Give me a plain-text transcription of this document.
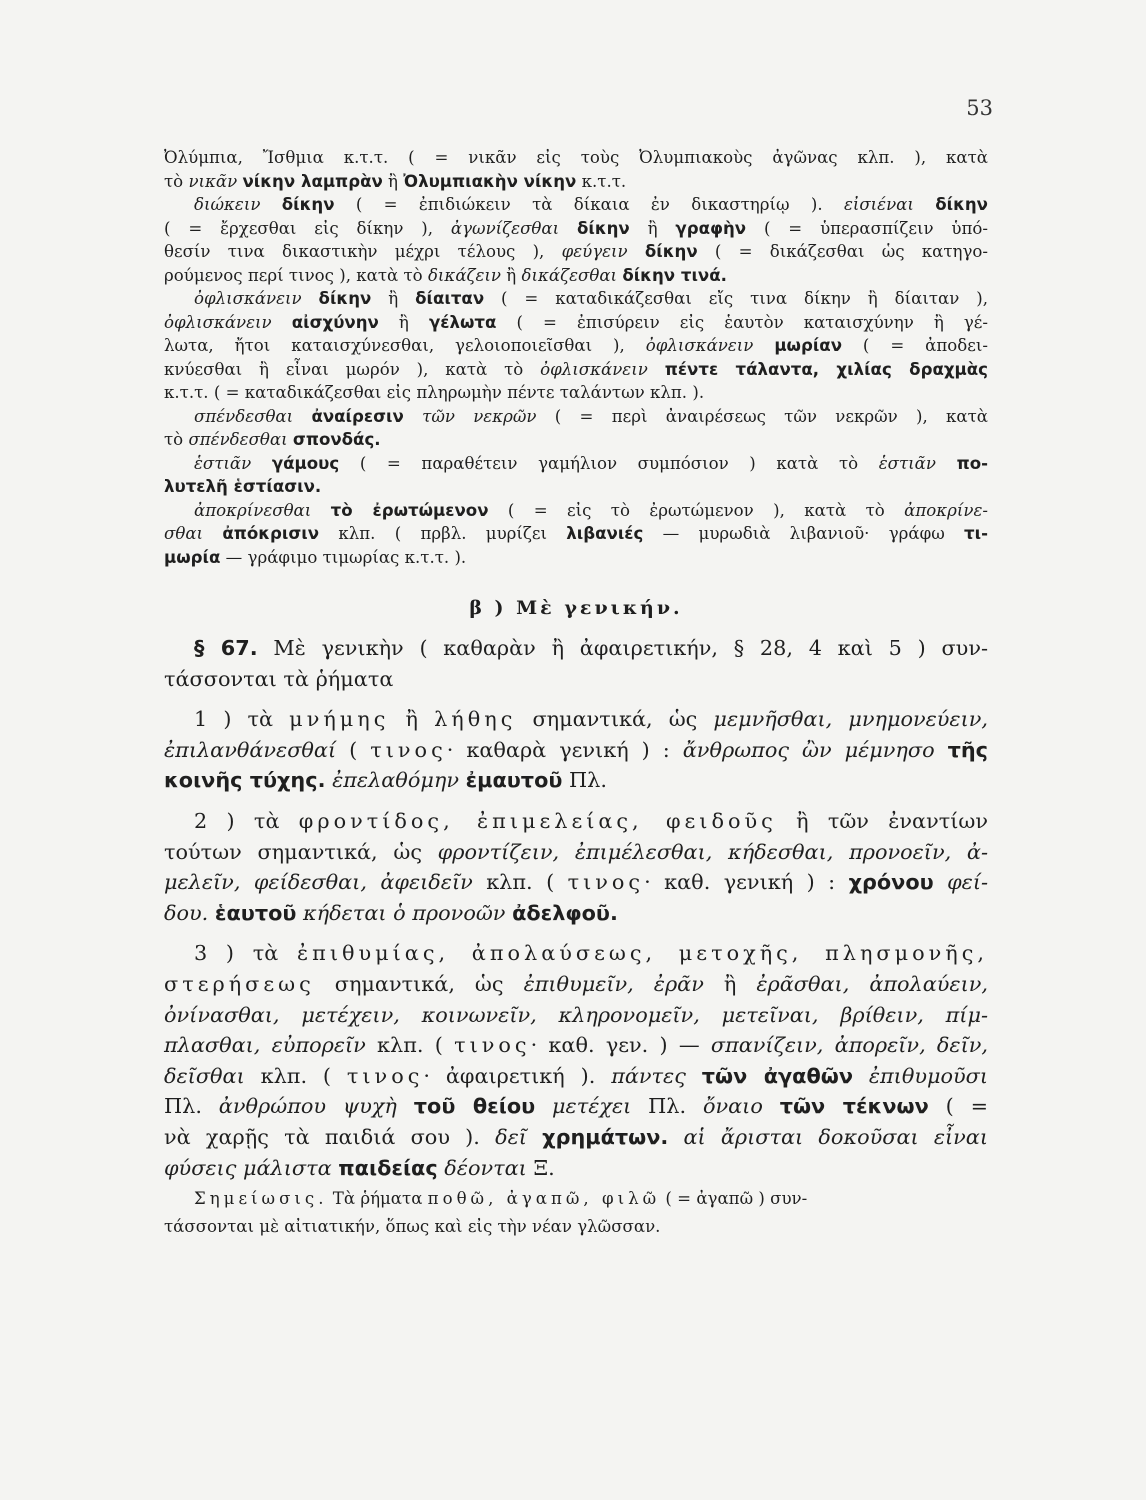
53

Ὀλύμπια, Ἴσθμια κ.τ.τ. ( = νικᾶν εἰς τοὺς Ὀλυμπιακοὺς ἀγῶνας κλπ. ), κατὰ

τὸ νικᾶν νίκην λαμπρὰν ἢ Ὀλυμπιακὴν νίκην κ.τ.τ.

διώκειν δίκην ( = ἐπιδιώκειν τὰ δίκαια ἐν δικαστηρίῳ ). εἰσιέναι δίκην

( = ἔρχεσθαι εἰς δίκην ), ἀγωνίζεσθαι δίκην ἢ γραφὴν ( = ὑπερασπίζειν ὑπό-

θεσίν τινα δικαστικὴν μέχρι τέλους ), φεύγειν δίκην ( = δικάζεσθαι ὡς κατηγο-

ρούμενος περί τινος ), κατὰ τὸ δικάζειν ἢ δικάζεσθαι δίκην τινά.

ὀφλισκάνειν δίκην ἢ δίαιταν ( = καταδικάζεσθαι εἴς τινα δίκην ἢ δίαιταν ),

ὀφλισκάνειν αἰσχύνην ἢ γέλωτα ( = ἐπισύρειν εἰς ἑαυτὸν καταισχύνην ἢ γέ-

λωτα, ἤτοι καταισχύνεσθαι, γελοιοποιεῖσθαι ), ὀφλισκάνειν μωρίαν ( = ἀποδει-

κνύεσθαι ἢ εἶναι μωρόν ), κατὰ τὸ ὀφλισκάνειν πέντε τάλαντα, χιλίας δραχμὰς

κ.τ.τ. ( = καταδικάζεσθαι εἰς πληρωμὴν πέντε ταλάντων κλπ. ).

σπένδεσθαι ἀναίρεσιν τῶν νεκρῶν ( = περὶ ἀναιρέσεως τῶν νεκρῶν ), κατὰ

τὸ σπένδεσθαι σπονδάς.

ἑστιᾶν γάμους ( = παραθέτειν γαμήλιον συμπόσιον ) κατὰ τὸ ἑστιᾶν πο-

λυτελῆ ἑστίασιν.

ἀποκρίνεσθαι τὸ ἐρωτώμενον ( = εἰς τὸ ἐρωτώμενον ), κατὰ τὸ ἀποκρίνε-

σθαι ἀπόκρισιν κλπ. ( πρβλ. μυρίζει λιβανιές — μυρωδιὰ λιβανιοῦ· γράφω τι-

μωρία — γράφιμο τιμωρίας κ.τ.τ. ).

β ) Μὲ γενικήν.

§ 67. Μὲ γενικὴν ( καθαρὰν ἢ ἀφαιρετικήν, § 28, 4 καὶ 5 ) συν-

τάσσονται τὰ ῥήματα

1 ) τὰ μνήμης ἢ λήθης σημαντικά, ὡς μεμνῆσθαι, μνημονεύειν,

ἐπιλανθάνεσθαί ( τινος· καθαρὰ γενική ) : ἄνθρωπος ὢν μέμνησο τῆς

κοινῆς τύχης. ἐπελαθόμην ἐμαυτοῦ Πλ.

2 ) τὰ φροντίδος, ἐπιμελείας, φειδοῦς ἢ τῶν ἐναντίων

τούτων σημαντικά, ὡς φροντίζειν, ἐπιμέλεσθαι, κήδεσθαι, προνοεῖν, ἀ-

μελεῖν, φείδεσθαι, ἀφειδεῖν κλπ. ( τινος· καθ. γενική ) : χρόνου φεί-

δου. ἑαυτοῦ κήδεται ὁ προνοῶν ἀδελφοῦ.

3 ) τὰ ἐπιθυμίας, ἀπολαύσεως, μετοχῆς, πλησμονῆς,

στερήσεως σημαντικά, ὡς ἐπιθυμεῖν, ἐρᾶν ἢ ἐρᾶσθαι, ἀπολαύειν,

ὀνίνασθαι, μετέχειν, κοινωνεῖν, κληρονομεῖν, μετεῖναι, βρίθειν, πίμ-

πλασθαι, εὐπορεῖν κλπ. ( τινος· καθ. γεν. ) — σπανίζειν, ἀπορεῖν, δεῖν,

δεῖσθαι κλπ. ( τινος· ἀφαιρετική ). πάντες τῶν ἀγαθῶν ἐπιθυμοῦσι

Πλ. ἀνθρώπου ψυχὴ τοῦ θείου μετέχει Πλ. ὄναιο τῶν τέκνων ( =

νὰ χαρῇς τὰ παιδιά σου ). δεῖ χρημάτων. αἱ ἄρισται δοκοῦσαι εἶναι

φύσεις μάλιστα παιδείας δέονται Ξ.

Σημείωσις. Τὰ ῥήματα ποθῶ, ἀγαπῶ, φιλῶ ( = ἀγαπῶ ) συν-

τάσσονται μὲ αἰτιατικήν, ὅπως καὶ εἰς τὴν νέαν γλῶσσαν.
